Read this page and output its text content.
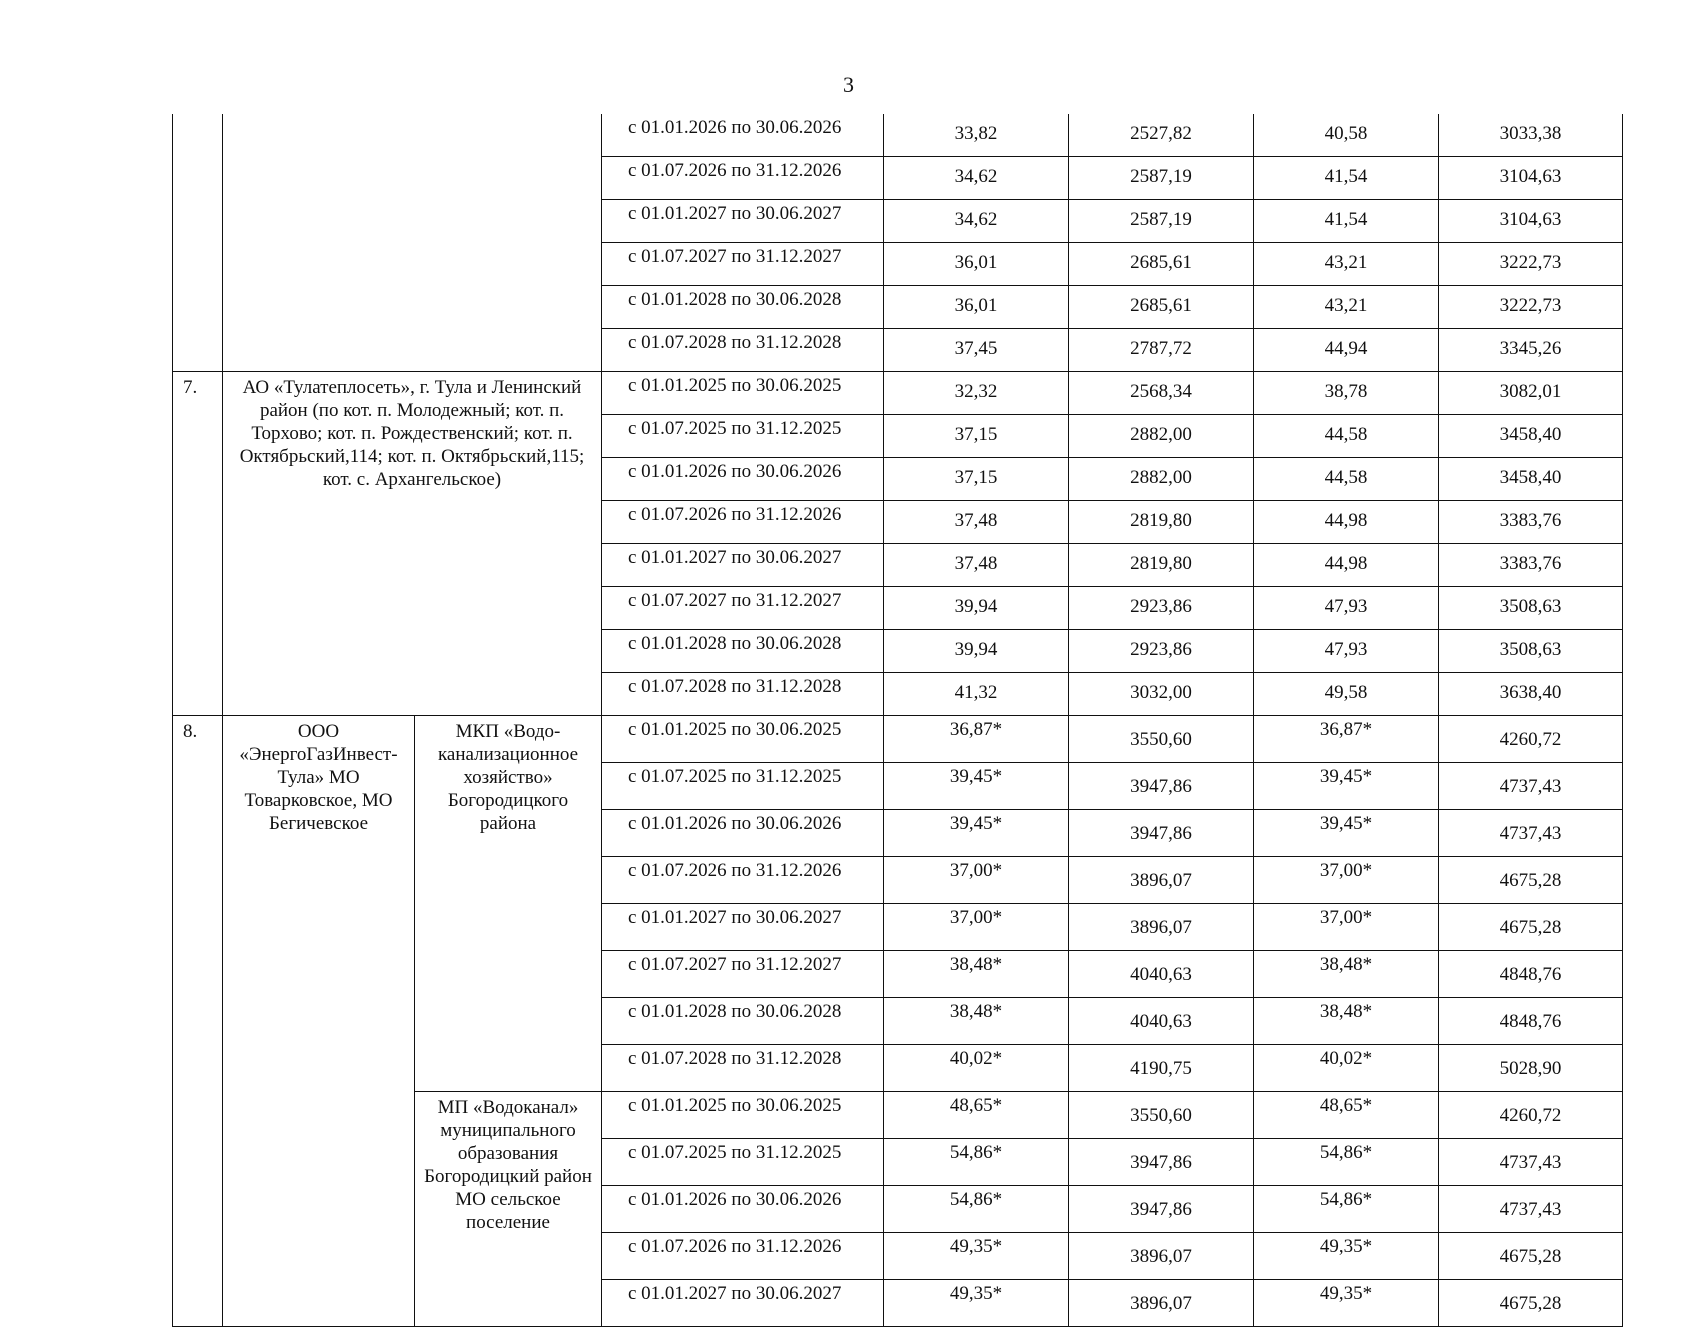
3
			с 01.01.2026 по 30.06.2026	33,82	2527,82	40,58	3033,38
			с 01.07.2026 по 31.12.2026	34,62	2587,19	41,54	3104,63
			с 01.01.2027 по 30.06.2027	34,62	2587,19	41,54	3104,63
			с 01.07.2027 по 31.12.2027	36,01	2685,61	43,21	3222,73
			с 01.01.2028 по 30.06.2028	36,01	2685,61	43,21	3222,73
			с 01.07.2028 по 31.12.2028	37,45	2787,72	44,94	3345,26
7.	АО «Тулатеплосеть», г. Тула и Ленинский район (по кот. п. Молодежный; кот. п. Торхово; кот. п. Рождественский; кот. п. Октябрьский,114; кот. п. Октябрьский,115; кот. с. Архангельское)		с 01.01.2025 по 30.06.2025	32,32	2568,34	38,78	3082,01
			с 01.07.2025 по 31.12.2025	37,15	2882,00	44,58	3458,40
			с 01.01.2026 по 30.06.2026	37,15	2882,00	44,58	3458,40
			с 01.07.2026 по 31.12.2026	37,48	2819,80	44,98	3383,76
			с 01.01.2027 по 30.06.2027	37,48	2819,80	44,98	3383,76
			с 01.07.2027 по 31.12.2027	39,94	2923,86	47,93	3508,63
			с 01.01.2028 по 30.06.2028	39,94	2923,86	47,93	3508,63
			с 01.07.2028 по 31.12.2028	41,32	3032,00	49,58	3638,40
8.	ООО «ЭнергоГазИнвест-Тула» МО Товарковское, МО Бегичевское	МКП «Водо-канализационное хозяйство» Богородицкого района	с 01.01.2025 по 30.06.2025	36,87*	3550,60	36,87*	4260,72
			с 01.07.2025 по 31.12.2025	39,45*	3947,86	39,45*	4737,43
			с 01.01.2026 по 30.06.2026	39,45*	3947,86	39,45*	4737,43
			с 01.07.2026 по 31.12.2026	37,00*	3896,07	37,00*	4675,28
			с 01.01.2027 по 30.06.2027	37,00*	3896,07	37,00*	4675,28
			с 01.07.2027 по 31.12.2027	38,48*	4040,63	38,48*	4848,76
			с 01.01.2028 по 30.06.2028	38,48*	4040,63	38,48*	4848,76
			с 01.07.2028 по 31.12.2028	40,02*	4190,75	40,02*	5028,90
		МП «Водоканал» муниципального образования Богородицкий район МО сельское поселение	с 01.01.2025 по 30.06.2025	48,65*	3550,60	48,65*	4260,72
			с 01.07.2025 по 31.12.2025	54,86*	3947,86	54,86*	4737,43
			с 01.01.2026 по 30.06.2026	54,86*	3947,86	54,86*	4737,43
			с 01.07.2026 по 31.12.2026	49,35*	3896,07	49,35*	4675,28
			с 01.01.2027 по 30.06.2027	49,35*	3896,07	49,35*	4675,28
